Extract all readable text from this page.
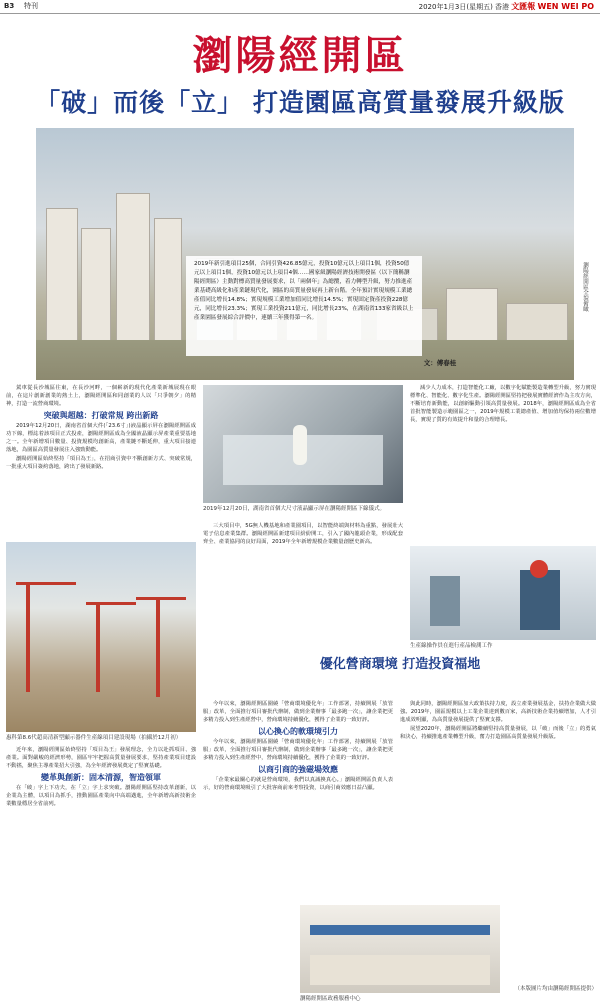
B3 特刊	2020年1月3日(星期五) 香港 文匯報 WEN WEI PO
瀏陽經開區
「破」而後「立」 打造園區高質量發展升級版
2019年新引進項目25個，合同引資426.85億元，投資10億元以上項目1個，投資50億元以上項目1個，投資10億元以上項目4個……國家級瀏陽經濟技術開發區（以下簡稱瀏陽經開區）主動對標高質量發展要求，以「兩個年」為總攬，着力轉型升級，努力推進產業基礎高級化和產業鏈現代化，園區的高質量發展再上新台階。全年預計實現規模工業總產值同比增長14.8%；實現規模工業增加值同比增長14.5%；實現固定資產投資228億元，同比增長23.3%；實現工業投資211億元，同比增長23%，在湖南省133家省級以上產業園區發展綜合評價中，連續三年獲得第一名。
瀏陽經開區全貌俯瞰
文：傅春桂

駕車從長沙城區往東，在長沙河畔，一個嶄新的現代化產業新城展現在眼前，在這片創新創業的熱土上，瀏陽經開區和同創業的人以「只爭朝夕」的精神，打造一流營商環境。

突破與超越：打破常規 跨出新路

2019年12月20日，湖南省首個大件(「23.6寸」)液晶顯示屏在瀏陽經開區成功下線，標誌着該項目正式投產，瀏陽經開區成為全國液晶顯示屏產業重要基地之一。全年新增項目數量、投資規模均創新高，產業鏈不斷延伸，重大項目接連落地，為園區高質量發展注入強勁動能。

瀏陽經開區始終堅持「項目為王」，在招商引資中不斷創新方式、突破常規，一批重大項目簽約落地，跨出了發展新路。

2019年12月20日，湖南省首個大尺寸液晶顯示屏在瀏陽經開區下線儀式。

三大項目中，5G無人機基地和產業園項目，以智能終端與材料為重點，發展壯大電子信息產業集群。瀏陽經開區新建項目紛紛開工，引入了國內龍頭企業，形成配套齊全、產業協同的良好局面，2019年全年新增規模企業數量創歷史新高。

減少人力成本，打造智能化工廠，以數字化賦能製造業轉型升級，努力實現標準化、智能化、數字化生產。瀏陽經開區堅持把發展實體經濟作為主攻方向，不斷培育新動能，以創新驅動引領高質量發展。2018年，瀏陽經開區成為全省首批智能製造示範園區之一，2019年規模工業總產值、增加值均保持兩位數增長，實現了質的有效提升和量的合理增長。

生產線操作員在進行產品檢測工作
惠科第8.6代超高清新型顯示器件生產線項目建設現場（拍攝於12月初）

近年來，瀏陽經開區始終堅持「項目為王」發展理念，全力以赴抓項目、強產業。面對嚴峻的經濟形勢，園區牢牢把握高質量發展要求，堅持產業項目建設不動搖，聚焦主導產業招大引強，為全年經濟發展奠定了堅實基礎。

變革與創新：固本清源，智造領軍

在「破」字上下功夫，在「立」字上求突破。瀏陽經開區堅持改革創新，以企業為主體，以項目為抓手，推動園區產業向中高端邁進，全年新增高新技術企業數量穩居全省前列。

優化營商環境 打造投資福地

今年以來，瀏陽經開區圍繞「營商環境優化年」工作部署，持續開展「放管服」改革，全面推行項目審批代辦制，做到企業辦事「最多跑一次」，讓企業把更多精力投入到生產經營中，營商環境持續優化，獲得了企業的一致好評。

以心換心的軟環境引力

今年以來，瀏陽經開區圍繞「營商環境優化年」工作部署，持續開展「放管服」改革，全面推行項目審批代辦制，做到企業辦事「最多跑一次」，讓企業把更多精力投入到生產經營中，營商環境持續優化，獲得了企業的一致好評。

以商引商的強磁場效應

「企業家最關心的就是營商環境，我們以真誠換真心。」瀏陽經開區負責人表示，好的營商環境吸引了大批客商前來考察投資，以商引商效應日益凸顯。

與此同時，瀏陽經開區加大政策扶持力度，設立產業發展基金，扶持企業做大做強。2019年，園區規模以上工業企業達到數百家，高新技術企業持續增加，人才引進成效明顯，為高質量發展提供了堅實支撐。

展望2020年，瀏陽經開區將繼續堅持高質量發展，以「破」而後「立」的勇氣和決心，持續推進產業轉型升級，奮力打造園區高質量發展升級版。

瀏陽經開區政務服務中心
（本版圖片均由瀏陽經開區提供）
